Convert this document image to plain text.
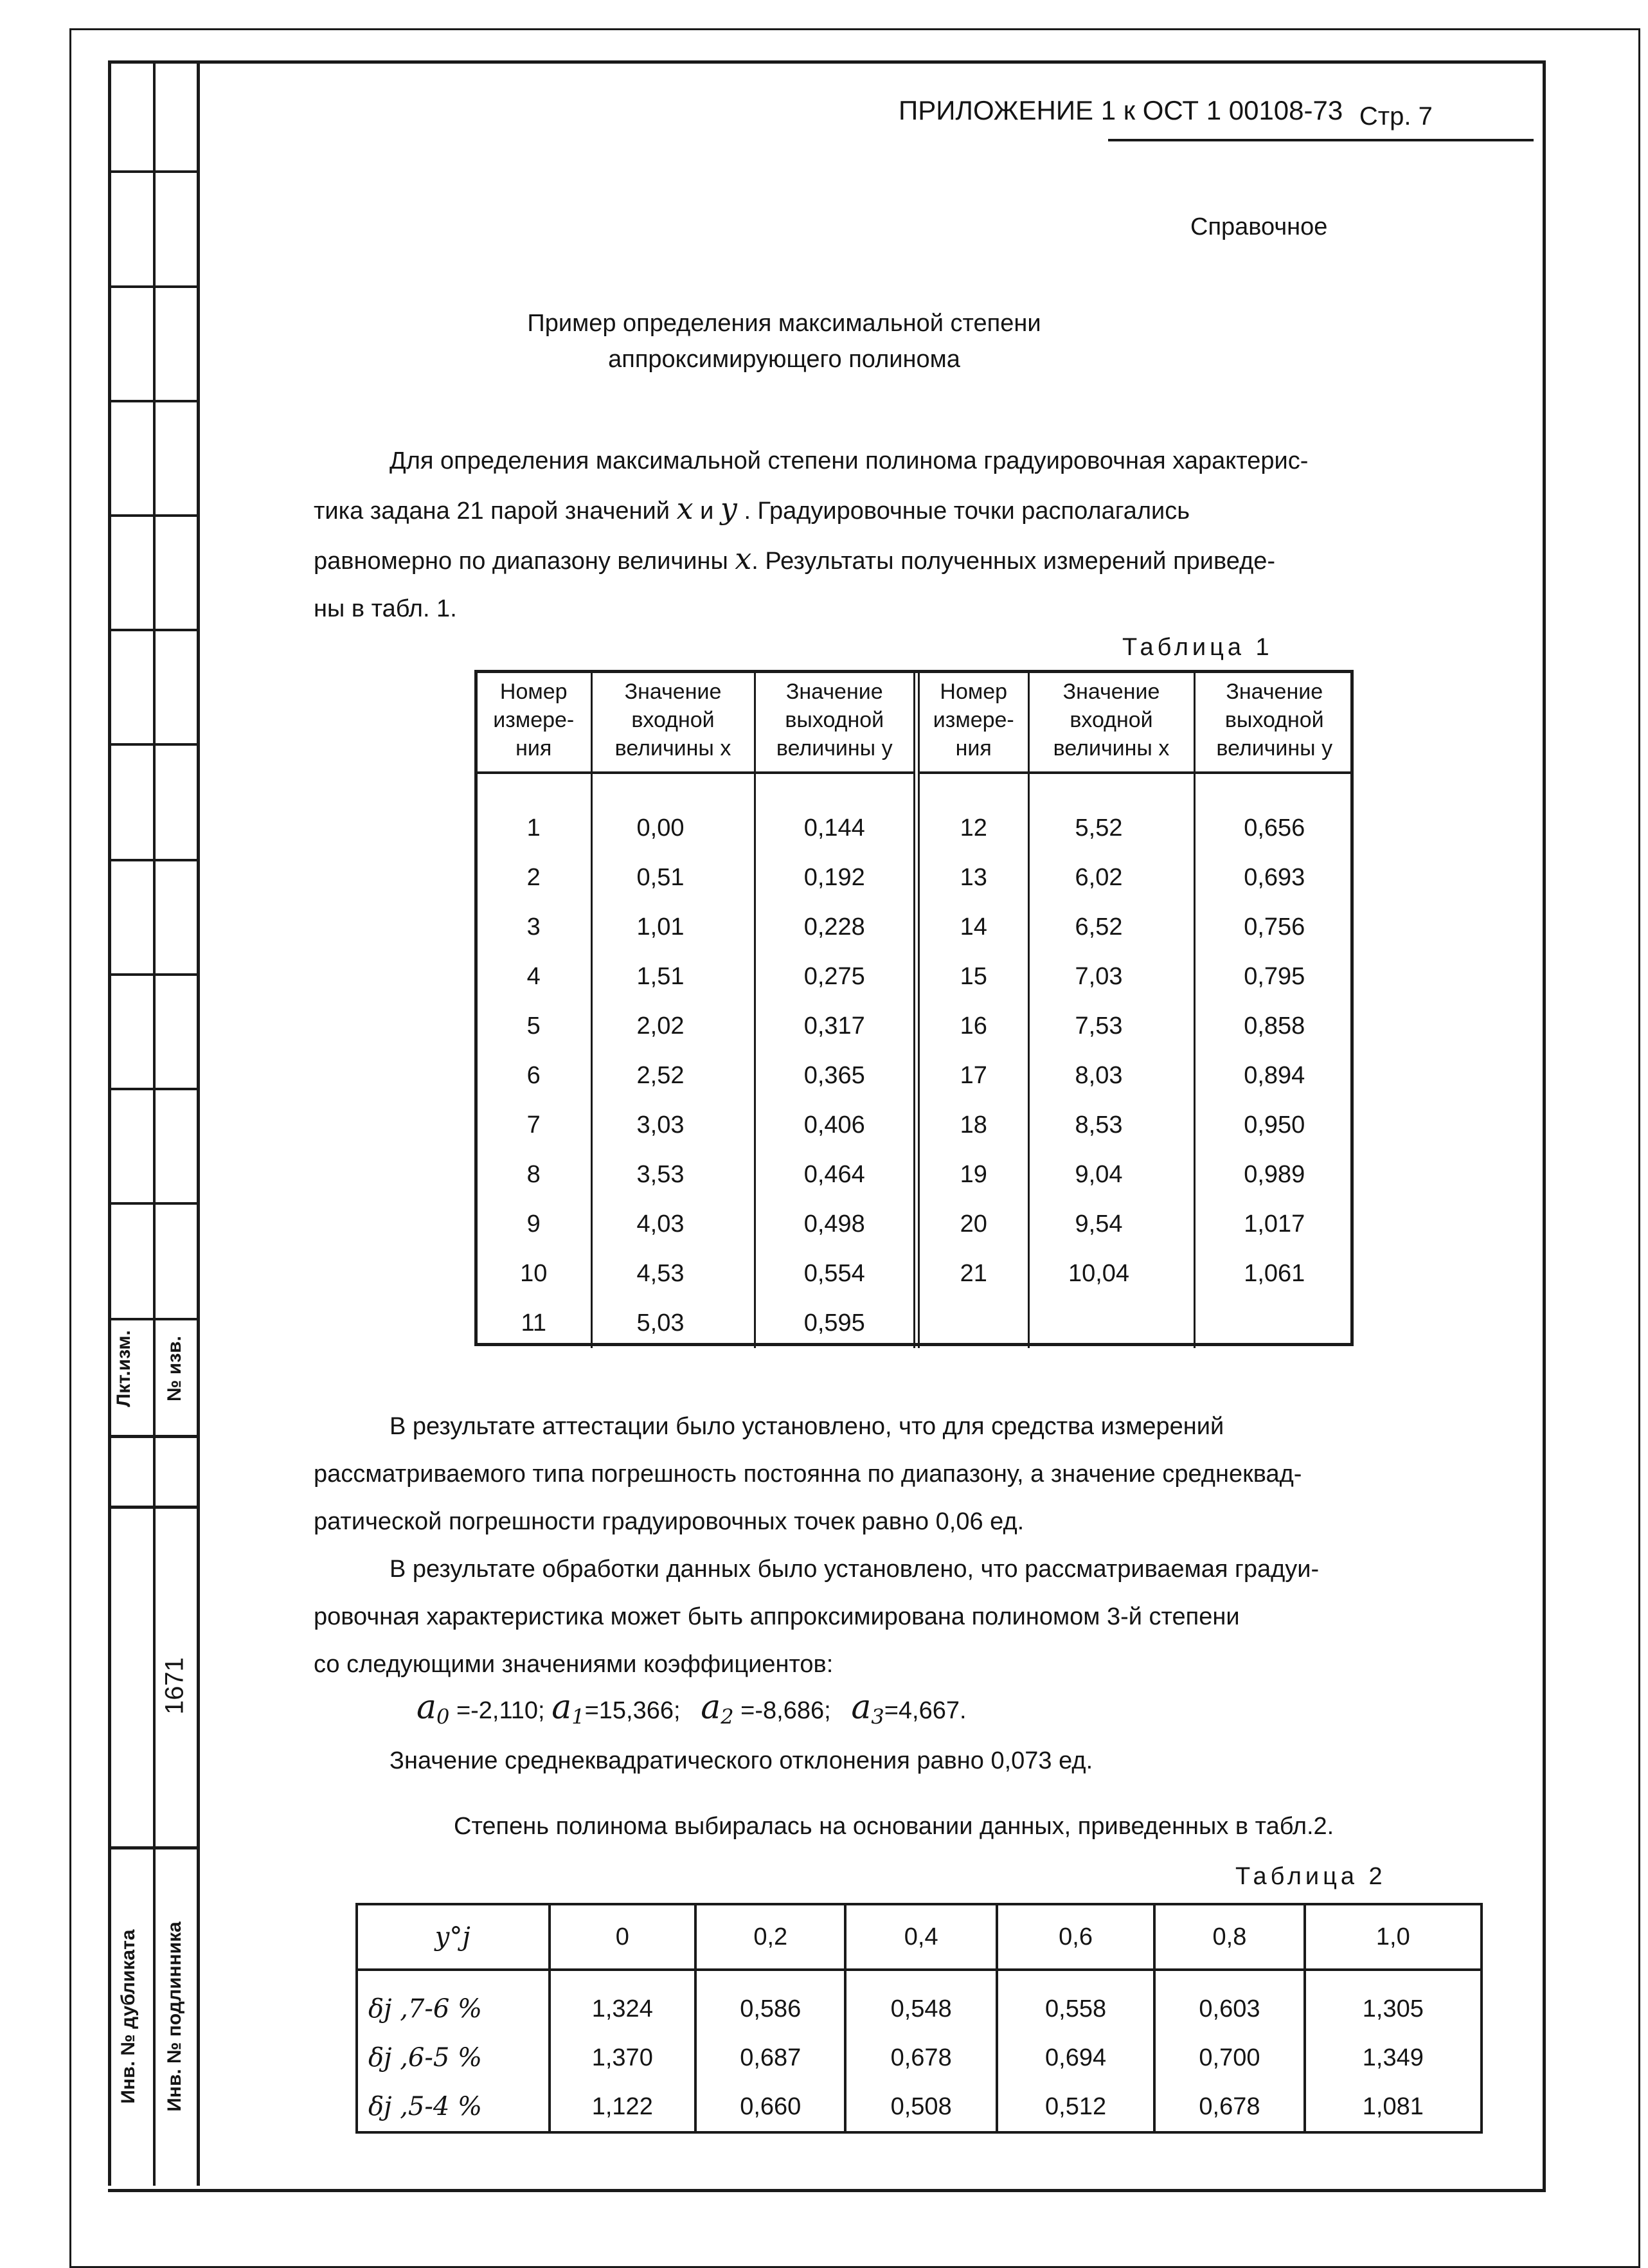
Лкт.изм. № изв.
1671
Инв. № дубликата Инв. № подлинника
ПРИЛОЖЕНИЕ 1 к ОСТ 1 00108-73 Стр. 7
Справочное
Пример определения максимальной степени
аппроксимирующего полинома

Для определения максимальной степени полинома градуировочная характерис-

тика задана 21 парой значений x и y . Градуировочные точки располагались

равномерно по диапазону величины x. Результаты полученных измерений приведе-

ны в табл. 1.

Таблица 1
Номер измере- ния	Значение входной величины x	Значение выходной величины y	Номер измере- ния	Значение входной величины x	Значение выходной величины y

1	0,00	0,144	12	5,52	0,656
2	0,51	0,192	13	6,02	0,693
3	1,01	0,228	14	6,52	0,756
4	1,51	0,275	15	7,03	0,795
5	2,02	0,317	16	7,53	0,858
6	2,52	0,365	17	8,03	0,894
7	3,03	0,406	18	8,53	0,950
8	3,53	0,464	19	9,04	0,989
9	4,03	0,498	20	9,54	1,017
10	4,53	0,554	21	10,04	1,061
11	5,03	0,595			

В результате аттестации было установлено, что для средства измерений

рассматриваемого типа погрешность постоянна по диапазону, а значение среднеквад-

ратической погрешности градуировочных точек равно 0,06 ед.

В результате обработки данных было установлено, что рассматриваемая градуи-

ровочная характеристика может быть аппроксимирована полиномом 3-й степени

со следующими значениями коэффициентов:

$a_0 =-2,110$; $a_1=15,366$; $a_2 =-8,686$; $a_3=4,667$.
Значение среднеквадратического отклонения равно 0,073 ед.
Степень полинома выбиралась на основании данных, приведенных в табл.2.
Таблица 2
y°j	0	0,2	0,4	0,6	0,8	1,0
δj ,7-6 %	1,324	0,586	0,548	0,558	0,603	1,305
δj ,6-5 %	1,370	0,687	0,678	0,694	0,700	1,349
δj ,5-4 %	1,122	0,660	0,508	0,512	0,678	1,081
